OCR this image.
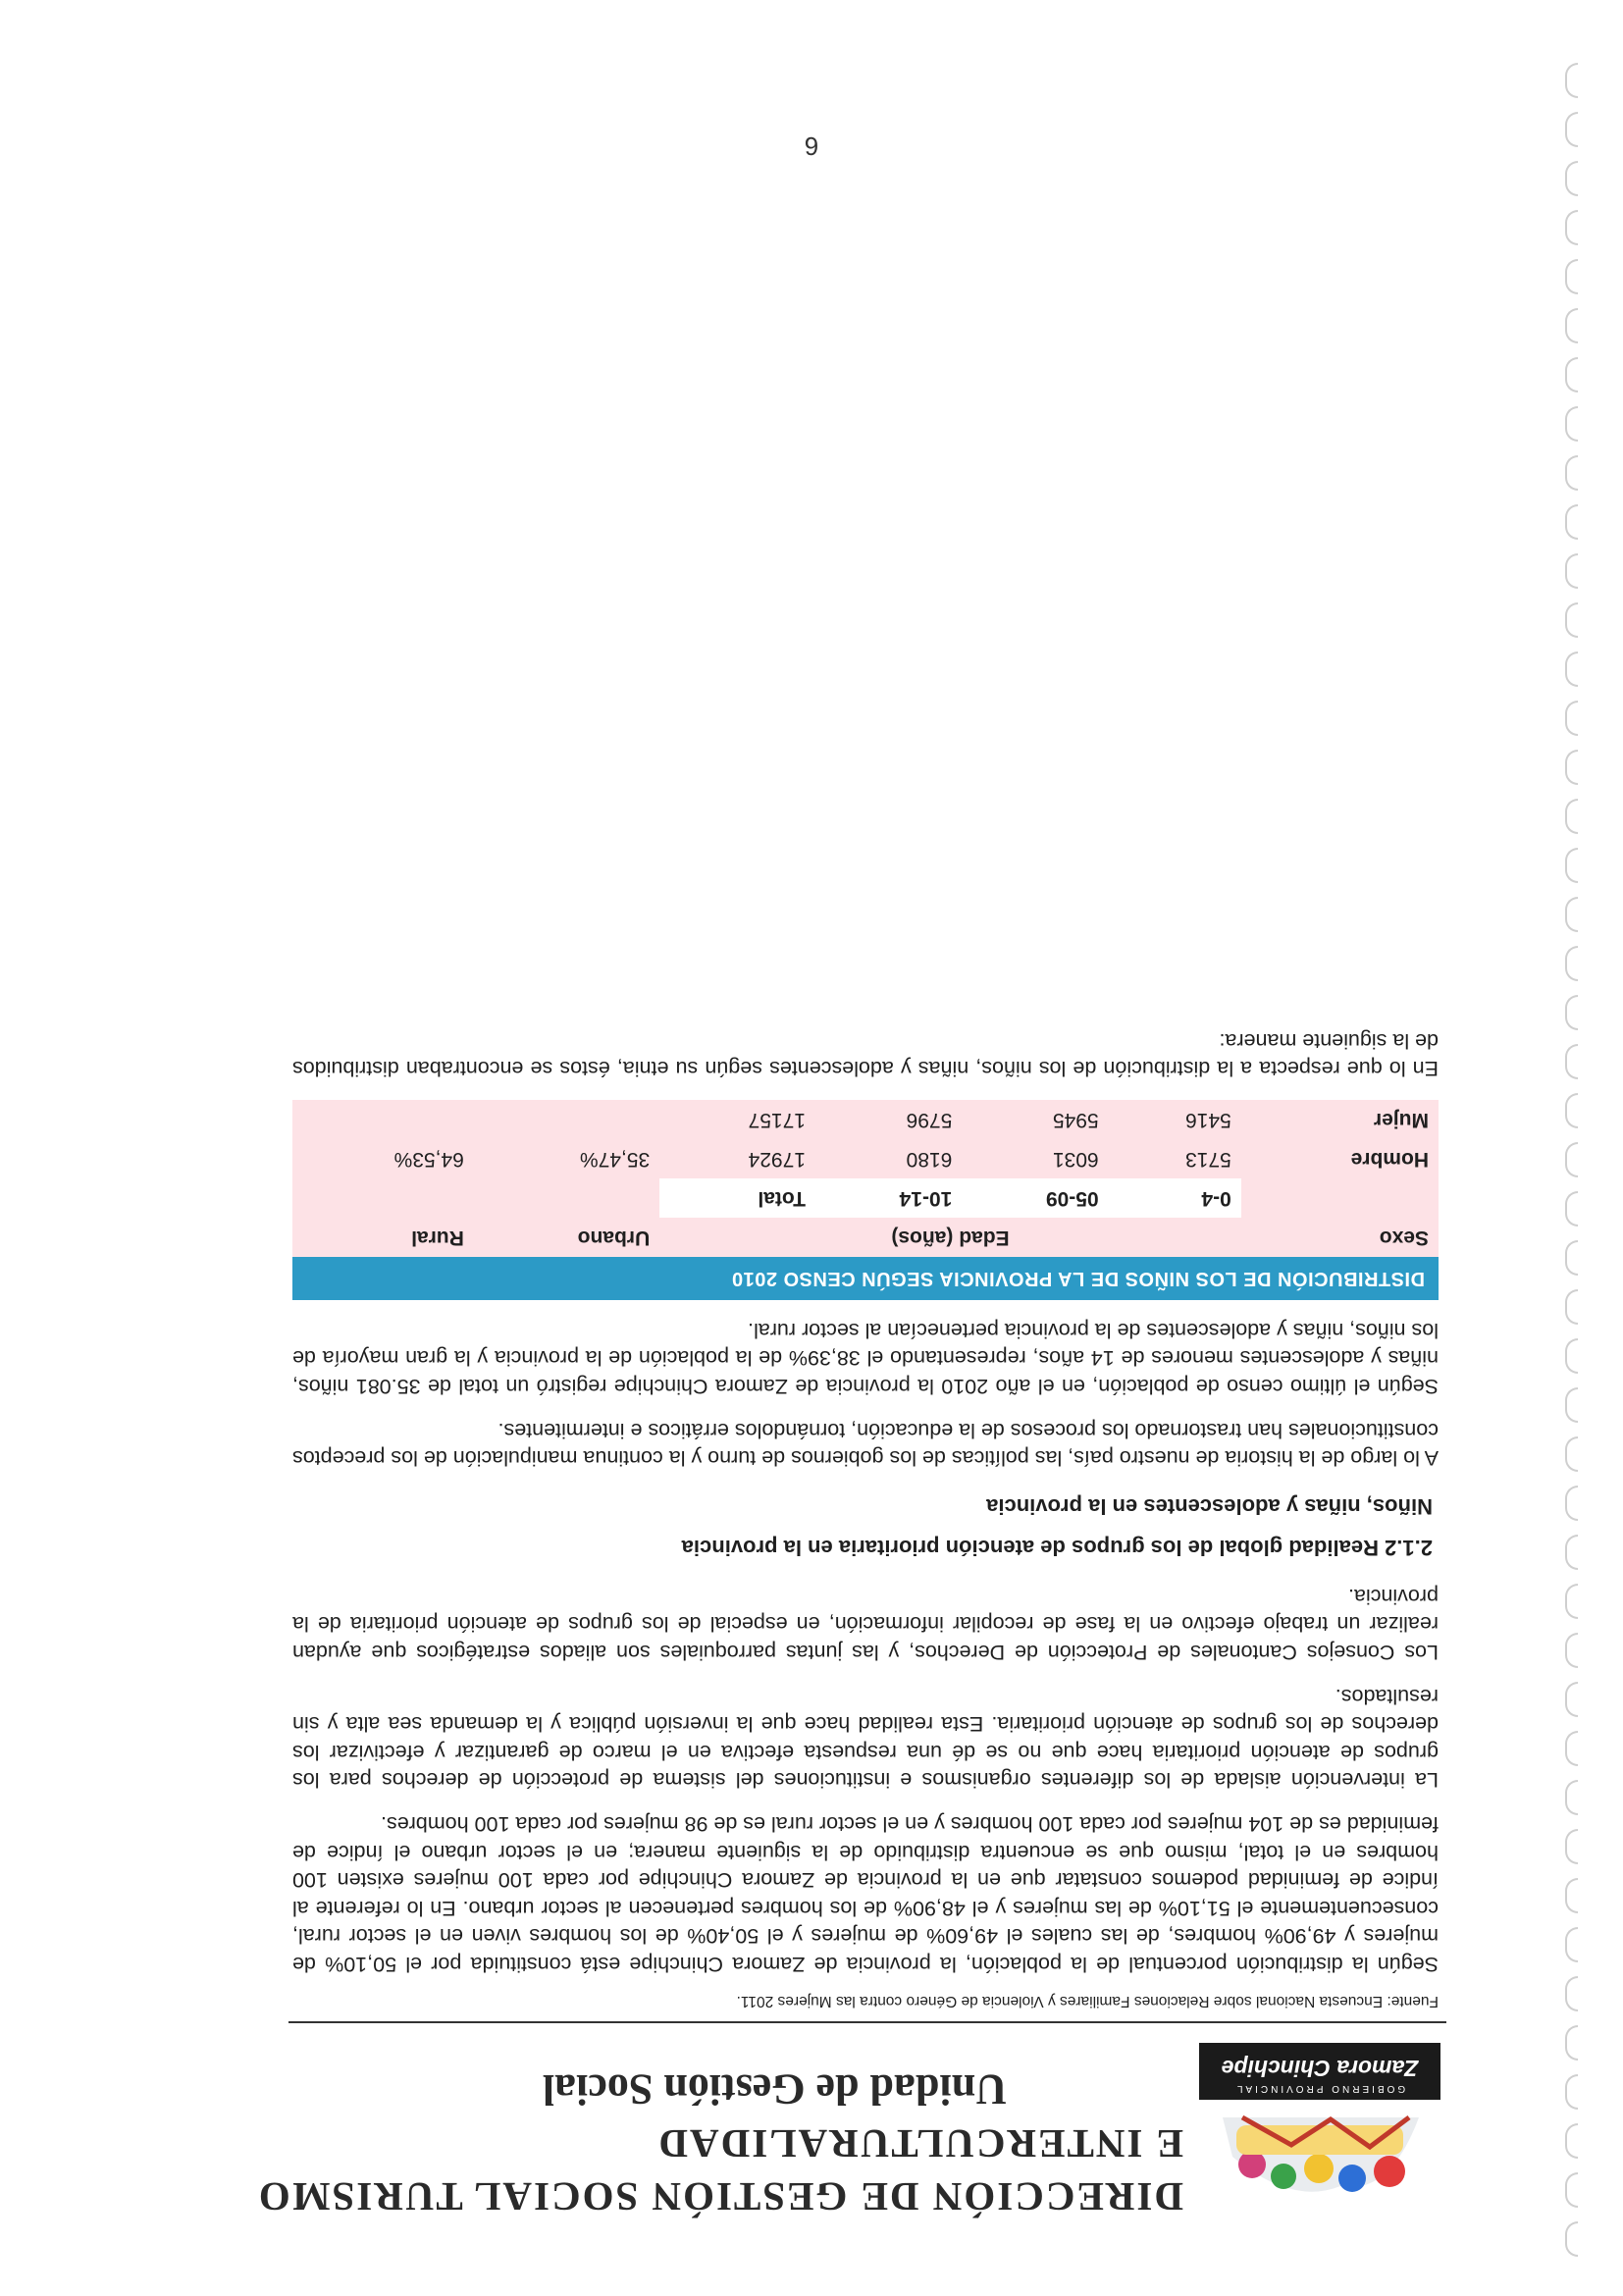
GOBIERNO PROVINCIAL
Zamora Chinchipe
DIRECCIÓN DE GESTIÓN SOCIAL TURISMO
E INTERCULTURALIDAD
Unidad de Gestión Social
Fuente: Encuesta Nacional sobre Relaciones Familiares y Violencia de Género contra las Mujeres 2011.

Según la distribución porcentual de la población, la provincia de Zamora Chinchipe está constituida por el 50,10% de mujeres y 49,90% hombres, de las cuales el 49,60% de mujeres y el 50,40% de los hombres viven en el sector rural, consecuentemente el 51,10% de las mujeres y el 48,90% de los hombres pertenecen al sector urbano. En lo referente al índice de feminidad podemos constatar que en la provincia de Zamora Chinchipe por cada 100 mujeres existen 100 hombres en el total, mismo que se encuentra distribuido de la siguiente manera; en el sector urbano el índice de feminidad es de 104 mujeres por cada 100 hombres y en el sector rural es de 98 mujeres por cada 100 hombres.

La intervención aislada de los diferentes organismos e instituciones del sistema de protección de derechos para los grupos de atención prioritaria hace que no se dé una respuesta efectiva en el marco de garantizar y efectivizar los derechos de los grupos de atención prioritaria. Esta realidad hace que la inversión pública y la demanda sea alta y sin resultados.

Los Consejos Cantonales de Protección de Derechos, y las juntas parroquiales son aliados estratégicos que ayudan realizar un trabajo efectivo en la fase de recopilar información, en especial de los grupos de atención prioritaria de la provincia.

2.1.2 Realidad global de los grupos de atención prioritaria en la provincia
Niños, niñas y adolescentes en la provincia

A lo largo de la historia de nuestro país, las políticas de los gobiernos de turno y la continua manipulación de los preceptos constitucionales han trastornado los procesos de la educación, tornándolos erráticos e intermitentes.

Según el último censo de población, en el año 2010 la provincia de Zamora Chinchipe registró un total de 35.081 niños, niñas y adolescentes menores de 14 años, representando el 38,39% de la población de la provincia y la gran mayoría de los niños, niñas y adolescentes de la provincia pertenecían al sector rural.

DISTRIBUCIÓN DE LOS NIÑOS DE LA PROVINCIA SEGÚN CENSO 2010
Sexo	Edad (años)				Urbano	Rural
	0-4	05-09	10-14	Total		
Hombre	5713	6031	6180	17924	35,47%	64,53%
Mujer	5416	5945	5796	17157		

En lo que respecta a la distribución de los niños, niñas y adolescentes según su etnia, éstos se encontraban distribuidos de la siguiente manera:

6
